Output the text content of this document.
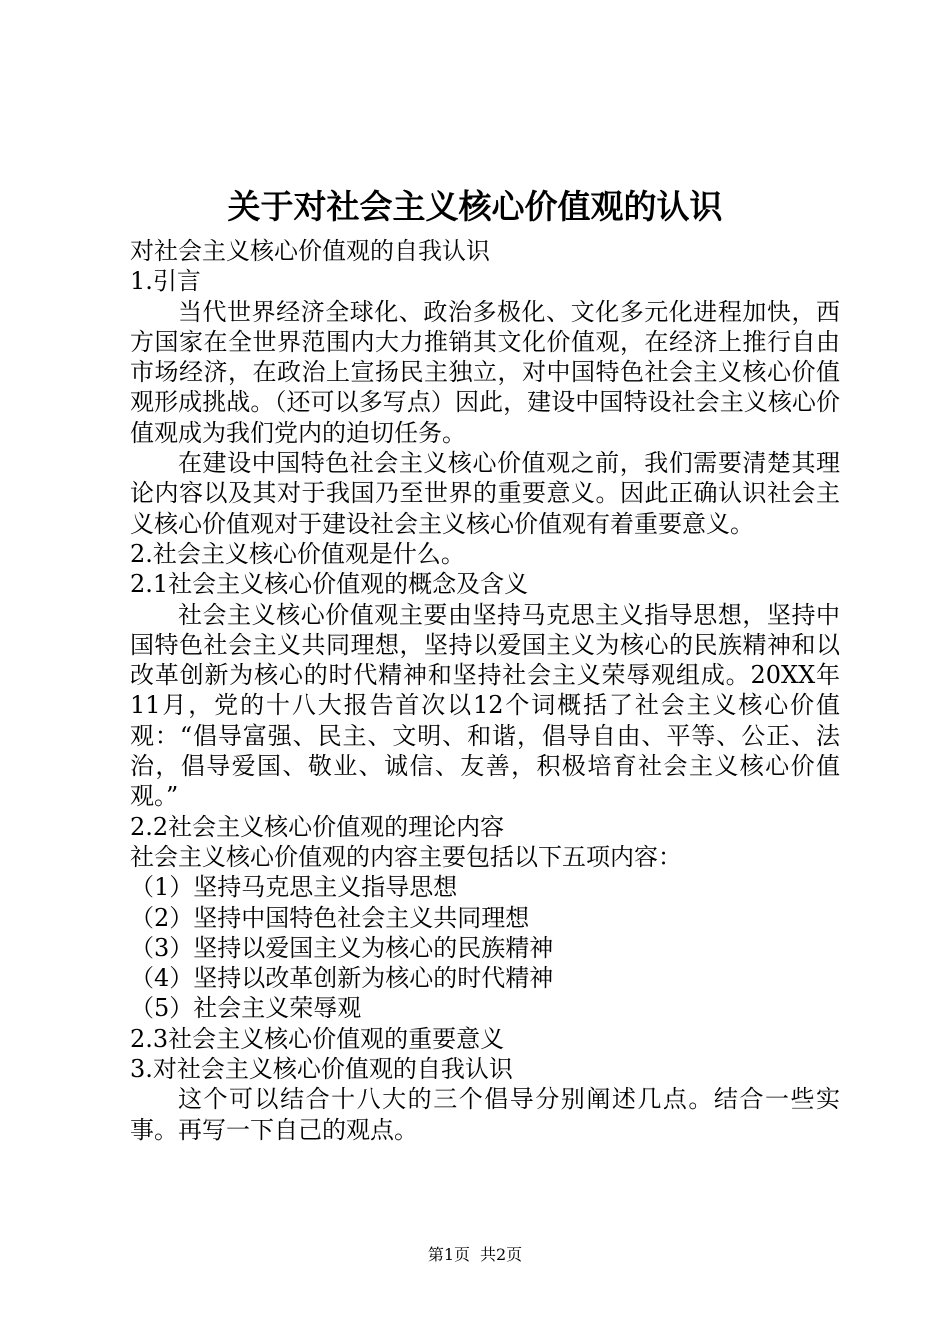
关于对社会主义核心价值观的认识

对社会主义核心价值观的自我认识

1.引言

当代世界经济全球化、政治多极化、文化多元化进程加快，西方国家在全世界范围内大力推销其文化价值观，在经济上推行自由市场经济，在政治上宣扬民主独立，对中国特色社会主义核心价值观形成挑战。（还可以多写点）因此，建设中国特设社会主义核心价值观成为我们党内的迫切任务。

在建设中国特色社会主义核心价值观之前，我们需要清楚其理论内容以及其对于我国乃至世界的重要意义。因此正确认识社会主义核心价值观对于建设社会主义核心价值观有着重要意义。

2.社会主义核心价值观是什么。

2.1社会主义核心价值观的概念及含义

社会主义核心价值观主要由坚持马克思主义指导思想，坚持中国特色社会主义共同理想，坚持以爱国主义为核心的民族精神和以改革创新为核心的时代精神和坚持社会主义荣辱观组成。20XX年11月，党的十八大报告首次以12个词概括了社会主义核心价值观：“倡导富强、民主、文明、和谐，倡导自由、平等、公正、法治，倡导爱国、敬业、诚信、友善，积极培育社会主义核心价值观。”

2.2社会主义核心价值观的理论内容

社会主义核心价值观的内容主要包括以下五项内容：

（1）坚持马克思主义指导思想

（2）坚持中国特色社会主义共同理想

（3）坚持以爱国主义为核心的民族精神

（4）坚持以改革创新为核心的时代精神

（5）社会主义荣辱观

2.3社会主义核心价值观的重要意义

3.对社会主义核心价值观的自我认识

这个可以结合十八大的三个倡导分别阐述几点。结合一些实事。再写一下自己的观点。

第1页 共2页
